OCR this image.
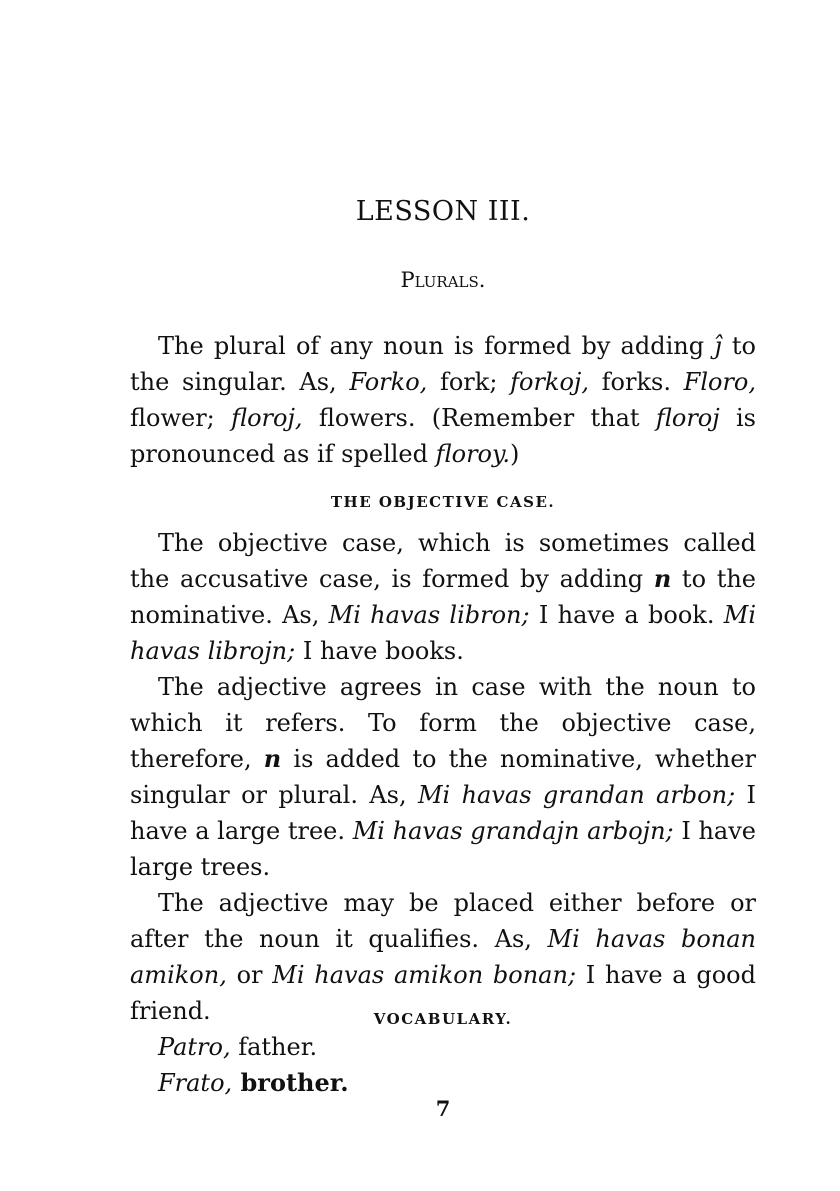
LESSON III.
Plurals.

The plural of any noun is formed by adding ĵ to the singular. As, Forko, fork; forkoj, forks. Floro, flower; floroj, flowers. (Remember that floroj is pronounced as if spelled floroy.)

THE OBJECTIVE CASE.

The objective case, which is sometimes called the accusative case, is formed by adding n to the nominative. As, Mi havas libron; I have a book. Mi havas librojn; I have books.

The adjective agrees in case with the noun to which it refers. To form the objective case, therefore, n is added to the nominative, whether singular or plural. As, Mi havas grandan arbon; I have a large tree. Mi havas grandajn arbojn; I have large trees.

The adjective may be placed either before or after the noun it qualifies. As, Mi havas bonan amikon, or Mi havas amikon bonan; I have a good friend.	VOCABULARY.
Patro, father.
Frato, brother.
7
